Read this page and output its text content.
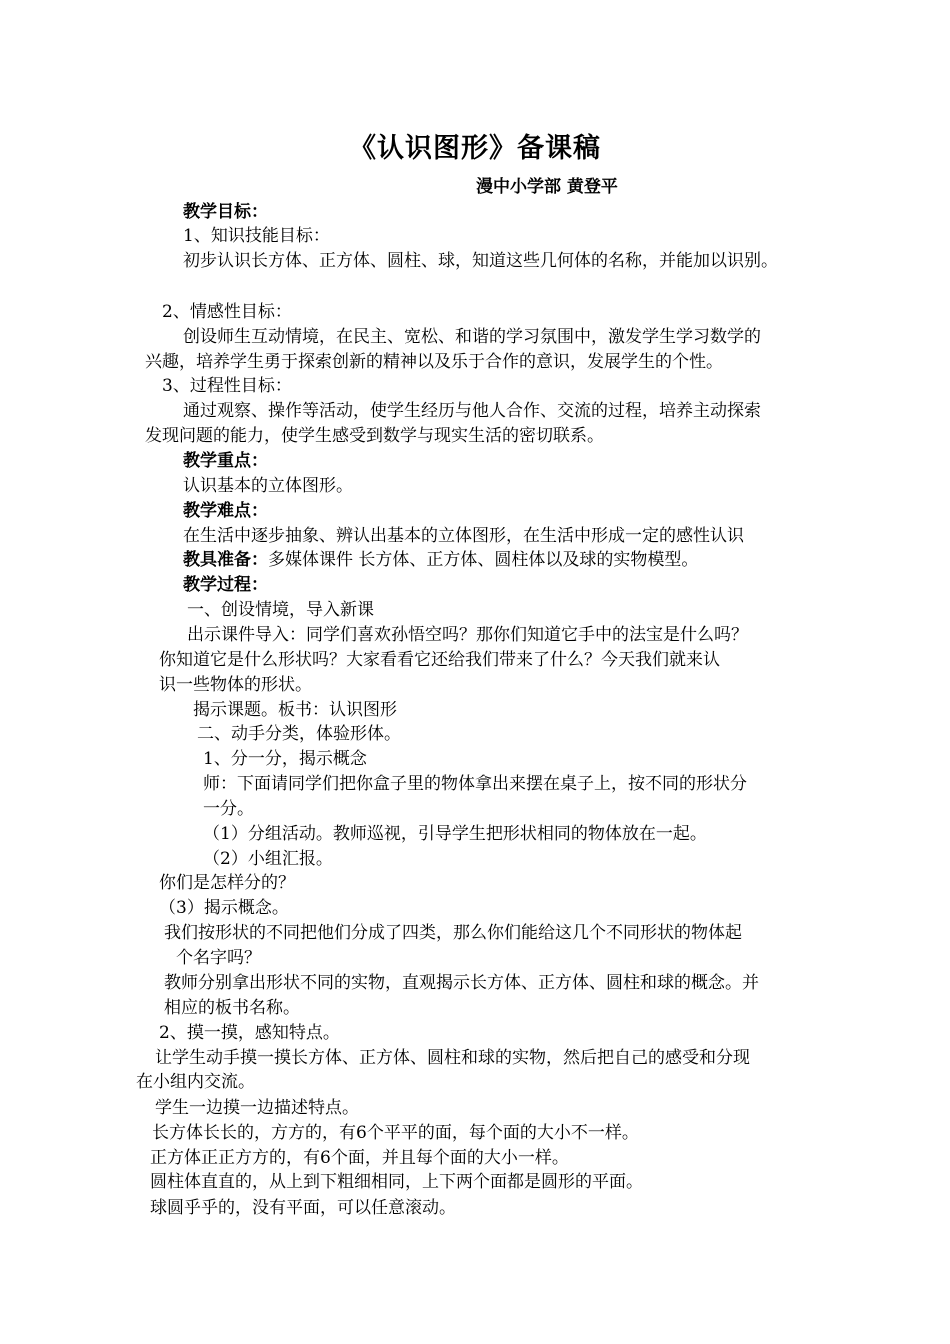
《认识图形》备课稿
漫中小学部 黄登平
教学目标：
1、知识技能目标：
初步认识长方体、正方体、圆柱、球，知道这些几何体的名称，并能加以识别。
2、情感性目标：
创设师生互动情境，在民主、宽松、和谐的学习氛围中，激发学生学习数学的
兴趣，培养学生勇于探索创新的精神以及乐于合作的意识，发展学生的个性。
3、过程性目标：
通过观察、操作等活动，使学生经历与他人合作、交流的过程，培养主动探索
发现问题的能力，使学生感受到数学与现实生活的密切联系。
教学重点：
认识基本的立体图形。
教学难点：
在生活中逐步抽象、辨认出基本的立体图形，在生活中形成一定的感性认识
教具准备：多媒体课件 长方体、正方体、圆柱体以及球的实物模型。
教学过程：
一、创设情境，导入新课
出示课件导入：同学们喜欢孙悟空吗？那你们知道它手中的法宝是什么吗？
你知道它是什么形状吗？大家看看它还给我们带来了什么？今天我们就来认
识一些物体的形状。
揭示课题。板书：认识图形
二、动手分类，体验形体。
1、分一分，揭示概念
师：下面请同学们把你盒子里的物体拿出来摆在桌子上，按不同的形状分
一分。
（1）分组活动。教师巡视，引导学生把形状相同的物体放在一起。
（2）小组汇报。
你们是怎样分的？
（3）揭示概念。
我们按形状的不同把他们分成了四类，那么你们能给这几个不同形状的物体起
个名字吗？
教师分别拿出形状不同的实物，直观揭示长方体、正方体、圆柱和球的概念。并
相应的板书名称。
2、摸一摸，感知特点。
让学生动手摸一摸长方体、正方体、圆柱和球的实物，然后把自己的感受和分现
在小组内交流。
学生一边摸一边描述特点。
长方体长长的，方方的，有6个平平的面，每个面的大小不一样。
正方体正正方方的，有6个面，并且每个面的大小一样。
圆柱体直直的，从上到下粗细相同，上下两个面都是圆形的平面。
球圆乎乎的，没有平面，可以任意滚动。
